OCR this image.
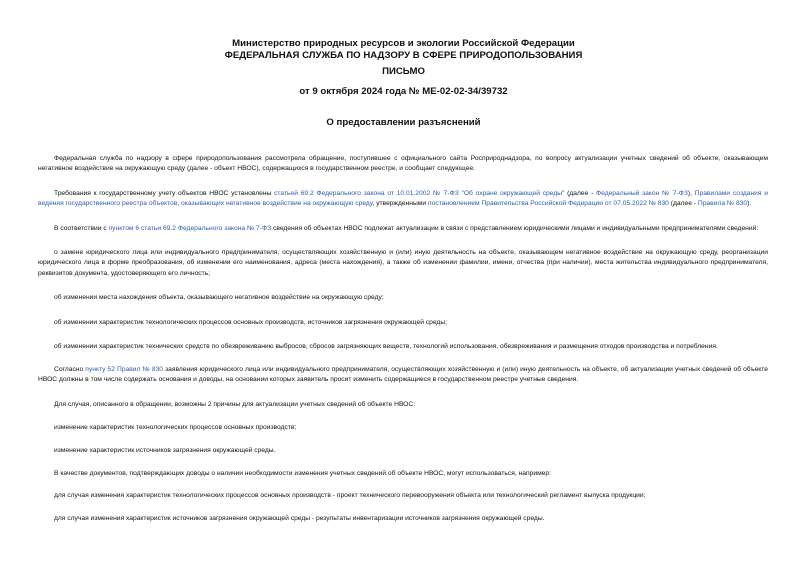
Министерство природных ресурсов и экологии Российской Федерации
ФЕДЕРАЛЬНАЯ СЛУЖБА ПО НАДЗОРУ В СФЕРЕ ПРИРОДОПОЛЬЗОВАНИЯ
ПИСЬМО
от 9 октября 2024 года № МЕ-02-02-34/39732
О предоставлении разъяснений

Федеральная служба по надзору в сфере природопользования рассмотрела обращение, поступившее с официального сайта Росприроднадзора, по вопросу актуализации учетных сведений об объекте, оказывающем негативное воздействие на окружающую среду (далее - объект НВОС), содержащихся в государственном реестре, и сообщает следующее.

Требования к государственному учету объектов НВОС установлены статьей 69.2 Федерального закона от 10.01.2002 № 7-ФЗ "Об охране окружающей среды" (далее - Федеральный закон № 7-ФЗ), Правилами создания и ведения государственного реестра объектов, оказывающих негативное воздействие на окружающую среду, утвержденными постановлением Правительства Российской Федерации от 07.05.2022 № 830 (далее - Правила № 830).

В соответствии с пунктом 6 статьи 69.2 Федерального закона № 7-ФЗ сведения об объектах НВОС подлежат актуализации в связи с представлением юридическими лицами и индивидуальными предпринимателями сведений:

о замене юридического лица или индивидуального предпринимателя, осуществляющих хозяйственную и (или) иную деятельность на объекте, оказывающем негативное воздействие на окружающую среду, реорганизации юридического лица в форме преобразования, об изменении его наименования, адреса (места нахождения), а также об изменении фамилии, имени, отчества (при наличии), места жительства индивидуального предпринимателя, реквизитов документа, удостоверяющего его личность;

об изменении места нахождения объекта, оказывающего негативное воздействие на окружающую среду;

об изменении характеристик технологических процессов основных производств, источников загрязнения окружающей среды;

об изменении характеристик технических средств по обезвреживанию выбросов, сбросов загрязняющих веществ, технологий использования, обезвреживания и размещения отходов производства и потребления.

Согласно пункту 52 Правил № 830 заявления юридического лица или индивидуального предпринимателя, осуществляющих хозяйственную и (или) иную деятельность на объекте, об актуализации учетных сведений об объекте НВОС должны в том числе содержать основания и доводы, на основании которых заявитель просит изменить содержащиеся в государственном реестре учетные сведения.

Для случая, описанного в обращении, возможны 2 причины для актуализации учетных сведений об объекте НВОС:

изменение характеристик технологических процессов основных производств;

изменение характеристик источников загрязнения окружающей среды.

В качестве документов, подтверждающих доводы о наличии необходимости изменения учетных сведений об объекте НВОС, могут использоваться, например:

для случая изменения характеристик технологических процессов основных производств - проект технического перевооружения объекта или технологический регламент выпуска продукции;

для случая изменения характеристик источников загрязнения окружающей среды - результаты инвентаризации источников загрязнения окружающей среды.
